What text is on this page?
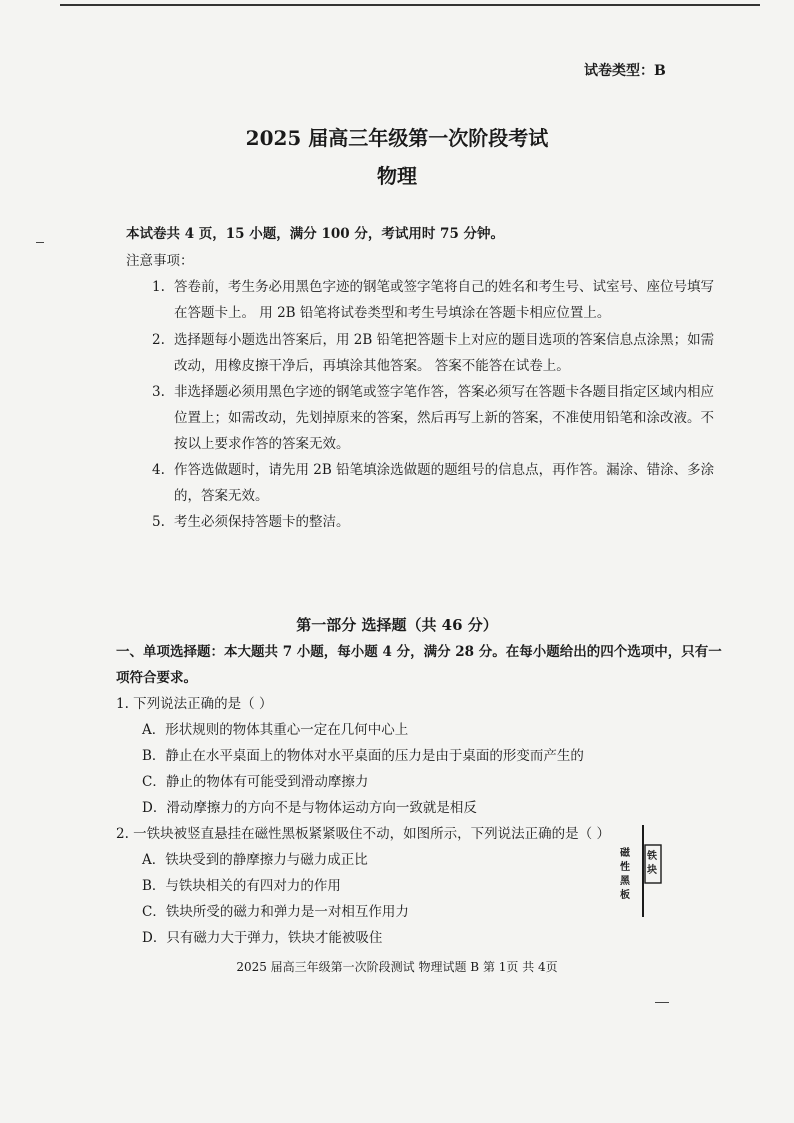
试卷类型：B
2025 届高三年级第一次阶段考试
物理
本试卷共 4 页，15 小题，满分 100 分，考试用时 75 分钟。
注意事项：
1. 答卷前，考生务必用黑色字迹的钢笔或签字笔将自己的姓名和考生号、试室号、座位号填写
在答题卡上。 用 2B 铅笔将试卷类型和考生号填涂在答题卡相应位置上。
2. 选择题每小题选出答案后，用 2B 铅笔把答题卡上对应的题目选项的答案信息点涂黑；如需
改动，用橡皮擦干净后，再填涂其他答案。 答案不能答在试卷上。
3. 非选择题必须用黑色字迹的钢笔或签字笔作答，答案必须写在答题卡各题目指定区域内相应
位置上；如需改动，先划掉原来的答案，然后再写上新的答案，不准使用铅笔和涂改液。不
按以上要求作答的答案无效。
4. 作答选做题时，请先用 2B 铅笔填涂选做题的题组号的信息点，再作答。漏涂、错涂、多涂
的，答案无效。
5. 考生必须保持答题卡的整洁。
第一部分 选择题（共 46 分）
一、单项选择题：本大题共 7 小题，每小题 4 分，满分 28 分。在每小题给出的四个选项中，只有一
项符合要求。
1. 下列说法正确的是（ ）
A．形状规则的物体其重心一定在几何中心上
B．静止在水平桌面上的物体对水平桌面的压力是由于桌面的形变而产生的
C．静止的物体有可能受到滑动摩擦力
D．滑动摩擦力的方向不是与物体运动方向一致就是相反
2. 一铁块被竖直悬挂在磁性黑板紧紧吸住不动，如图所示，下列说法正确的是（ ）
A．铁块受到的静摩擦力与磁力成正比
B．与铁块相关的有四对力的作用
C．铁块所受的磁力和弹力是一对相互作用力
D．只有磁力大于弹力，铁块才能被吸住
磁性黑板
铁块
2025 届高三年级第一次阶段测试 物理试题 B 第 1页 共 4页
